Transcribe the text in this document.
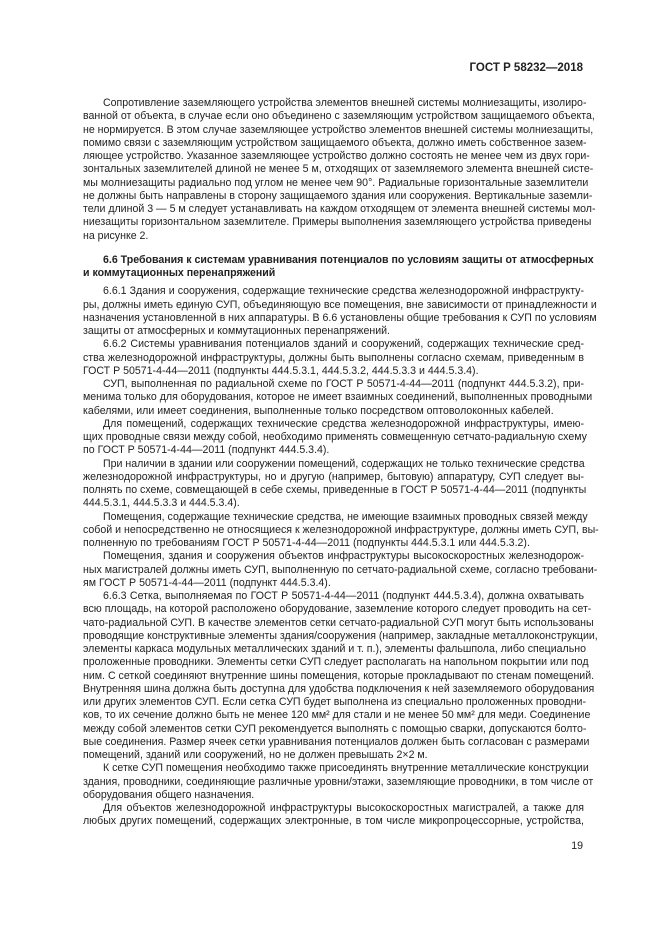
ГОСТ Р 58232—2018
Сопротивление заземляющего устройства элементов внешней системы молниезащиты, изолиро-
ванной от объекта, в случае если оно объединено с заземляющим устройством защищаемого объекта,
не нормируется. В этом случае заземляющее устройство элементов внешней системы молниезащиты,
помимо связи с заземляющим устройством защищаемого объекта, должно иметь собственное зазем-
ляющее устройство. Указанное заземляющее устройство должно состоять не менее чем из двух гори-
зонтальных заземлителей длиной не менее 5 м, отходящих от заземляемого элемента внешней систе-
мы молниезащиты радиально под углом не менее чем 90°. Радиальные горизонтальные заземлители
не должны быть направлены в сторону защищаемого здания или сооружения. Вертикальные заземли-
тели длиной 3 — 5 м следует устанавливать на каждом отходящем от элемента внешней системы мол-
ниезащиты горизонтальном заземлителе. Примеры выполнения заземляющего устройства приведены
на рисунке 2.
6.6 Требования к системам уравнивания потенциалов по условиям защиты от атмосферных
и коммутационных перенапряжений
6.6.1 Здания и сооружения, содержащие технические средства железнодорожной инфраструкту-
ры, должны иметь единую СУП, объединяющую все помещения, вне зависимости от принадлежности и
назначения установленной в них аппаратуры. В 6.6 установлены общие требования к СУП по условиям
защиты от атмосферных и коммутационных перенапряжений.
6.6.2 Системы уравнивания потенциалов зданий и сооружений, содержащих технические сред-
ства железнодорожной инфраструктуры, должны быть выполнены согласно схемам, приведенным в
ГОСТ Р 50571-4-44—2011 (подпункты 444.5.3.1, 444.5.3.2, 444.5.3.3 и 444.5.3.4).
СУП, выполненная по радиальной схеме по ГОСТ Р 50571-4-44—2011 (подпункт 444.5.3.2), при-
менима только для оборудования, которое не имеет взаимных соединений, выполненных проводными
кабелями, или имеет соединения, выполненные только посредством оптоволоконных кабелей.
Для помещений, содержащих технические средства железнодорожной инфраструктуры, имею-
щих проводные связи между собой, необходимо применять совмещенную сетчато-радиальную схему
по ГОСТ Р 50571-4-44—2011 (подпункт 444.5.3.4).
При наличии в здании или сооружении помещений, содержащих не только технические средства
железнодорожной инфраструктуры, но и другую (например, бытовую) аппаратуру, СУП следует вы-
полнять по схеме, совмещающей в себе схемы, приведенные в ГОСТ Р 50571-4-44—2011 (подпункты
444.5.3.1, 444.5.3.3 и 444.5.3.4).
Помещения, содержащие технические средства, не имеющие взаимных проводных связей между
собой и непосредственно не относящиеся к железнодорожной инфраструктуре, должны иметь СУП, вы-
полненную по требованиям ГОСТ Р 50571-4-44—2011 (подпункты 444.5.3.1 или 444.5.3.2).
Помещения, здания и сооружения объектов инфраструктуры высокоскоростных железнодорож-
ных магистралей должны иметь СУП, выполненную по сетчато-радиальной схеме, согласно требовани-
ям ГОСТ Р 50571-4-44—2011 (подпункт 444.5.3.4).
6.6.3 Сетка, выполняемая по ГОСТ Р 50571-4-44—2011 (подпункт 444.5.3.4), должна охватывать
всю площадь, на которой расположено оборудование, заземление которого следует проводить на сет-
чато-радиальной СУП. В качестве элементов сетки сетчато-радиальной СУП могут быть использованы
проводящие конструктивные элементы здания/сооружения (например, закладные металлоконструкции,
элементы каркаса модульных металлических зданий и т. п.), элементы фальшпола, либо специально
проложенные проводники. Элементы сетки СУП следует располагать на напольном покрытии или под
ним. С сеткой соединяют внутренние шины помещения, которые прокладывают по стенам помещений.
Внутренняя шина должна быть доступна для удобства подключения к ней заземляемого оборудования
или других элементов СУП. Если сетка СУП будет выполнена из специально проложенных проводни-
ков, то их сечение должно быть не менее 120 мм² для стали и не менее 50 мм² для меди. Соединение
между собой элементов сетки СУП рекомендуется выполнять с помощью сварки, допускаются болто-
вые соединения. Размер ячеек сетки уравнивания потенциалов должен быть согласован с размерами
помещений, зданий или сооружений, но не должен превышать 2×2 м.
К сетке СУП помещения необходимо также присоединять внутренние металлические конструкции
здания, проводники, соединяющие различные уровни/этажи, заземляющие проводники, в том числе от
оборудования общего назначения.
Для объектов железнодорожной инфраструктуры высокоскоростных магистралей, а также для
любых других помещений, содержащих электронные, в том числе микропроцессорные, устройства,
19
